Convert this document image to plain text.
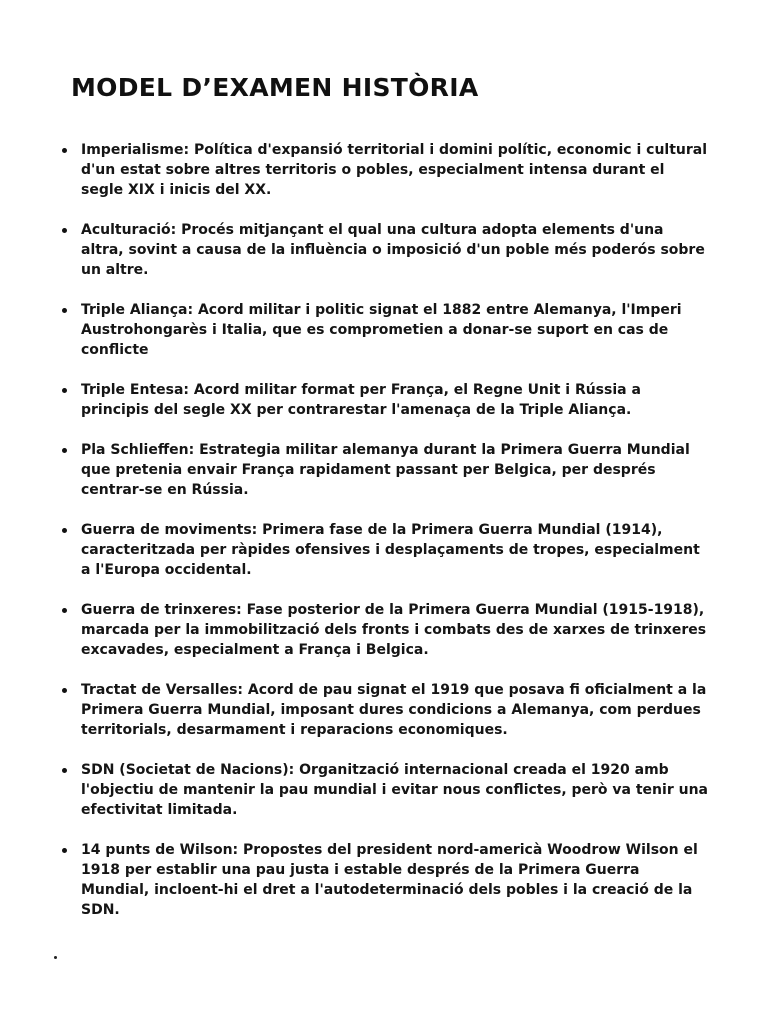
MODEL D’EXAMEN HISTÒRIA
Imperialisme: Política d'expansió territorial i domini polític, economic i cultural d'un estat sobre altres territoris o pobles, especialment intensa durant el segle XIX i inicis del XX.
Aculturació: Procés mitjançant el qual una cultura adopta elements d'una altra, sovint a causa de la influència o imposició d'un poble més poderós sobre un altre.
Triple Aliança: Acord militar i politic signat el 1882 entre Alemanya, l'Imperi Austrohongarès i Italia, que es comprometien a donar-se suport en cas de conflicte
Triple Entesa: Acord militar format per França, el Regne Unit i Rússia a principis del segle XX per contrarestar l'amenaça de la Triple Aliança.
Pla Schlieffen: Estrategia militar alemanya durant la Primera Guerra Mundial que pretenia envair França rapidament passant per Belgica, per després centrar-se en Rússia.
Guerra de moviments: Primera fase de la Primera Guerra Mundial (1914), caracteritzada per ràpides ofensives i desplaçaments de tropes, especialment a l'Europa occidental.
Guerra de trinxeres: Fase posterior de la Primera Guerra Mundial (1915-1918), marcada per la immobilització dels fronts i combats des de xarxes de trinxeres excavades, especialment a França i Belgica.
Tractat de Versalles: Acord de pau signat el 1919 que posava fi oficialment a la Primera Guerra Mundial, imposant dures condicions a Alemanya, com perdues territorials, desarmament i reparacions economiques.
SDN (Societat de Nacions): Organització internacional creada el 1920 amb l'objectiu de mantenir la pau mundial i evitar nous conflictes, però va tenir una efectivitat limitada.
14 punts de Wilson: Propostes del president nord-americà Woodrow Wilson el 1918 per establir una pau justa i estable després de la Primera Guerra Mundial, incloent-hi el dret a l'autodeterminació dels pobles i la creació de la SDN.
